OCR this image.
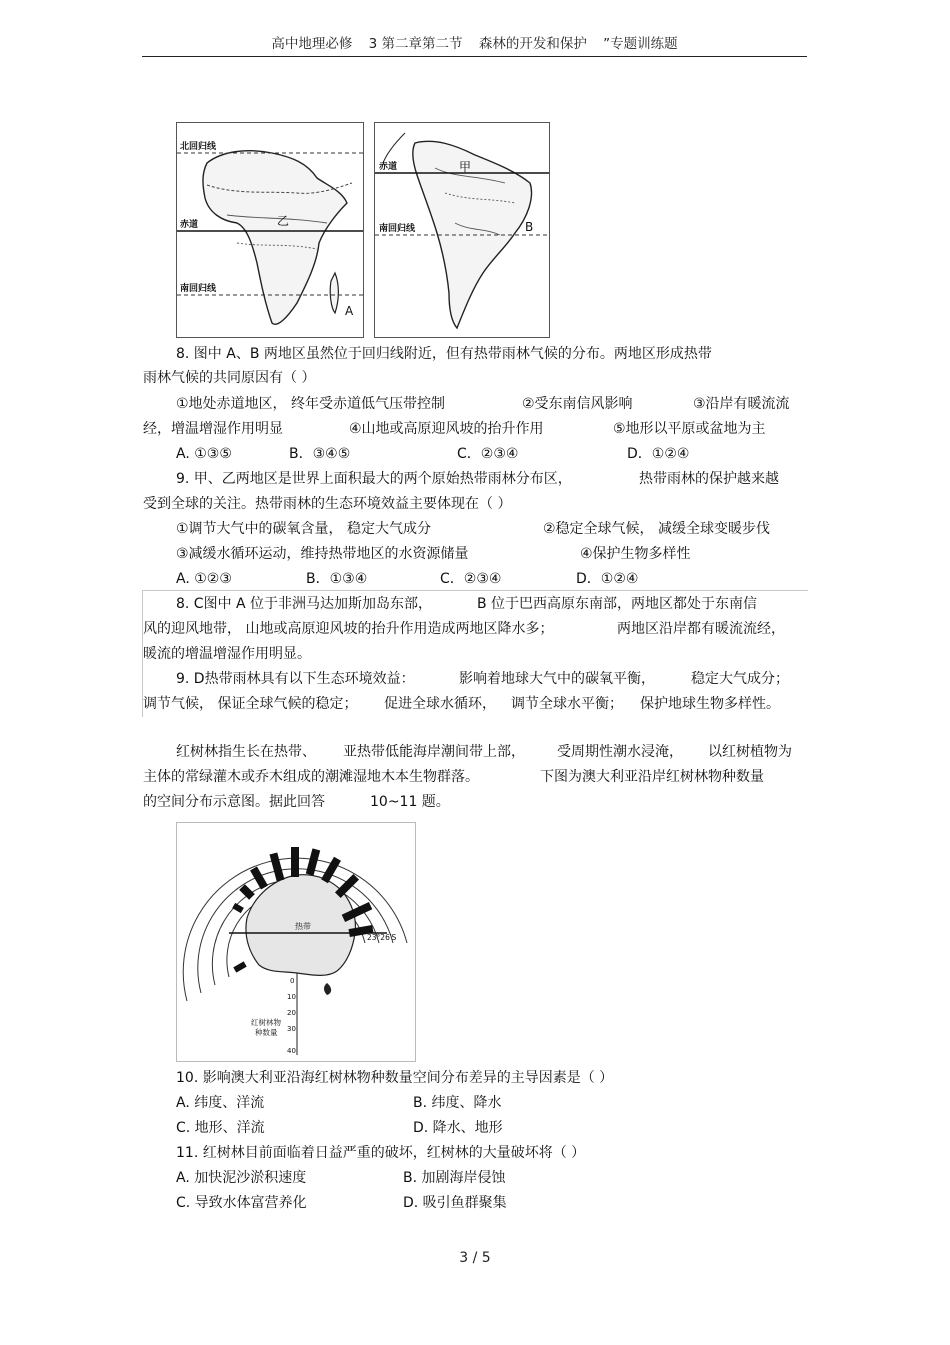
高中地理必修 3 第二章第二节 森林的开发和保护 ”专题训练题
北回归线
赤道
南回归线
乙
A
赤道
南回归线
甲
B
8. 图中 A、B 两地区虽然位于回归线附近，但有热带雨林气候的分布。两地区形成热带
雨林气候的共同原因有（ ）
①地处赤道地区， 终年受赤道低气压带控制	②受东南信风影响	③沿岸有暖流流
经，增温增湿作用明显	④山地或高原迎风坡的抬升作用	⑤地形以平原或盆地为主
A. ①③⑤	B．③④⑤	C．②③④	D．①②④
9. 甲、乙两地区是世界上面积最大的两个原始热带雨林分布区，	热带雨林的保护越来越
受到全球的关注。热带雨林的生态环境效益主要体现在（ ）
①调节大气中的碳氧含量， 稳定大气成分	②稳定全球气候， 减缓全球变暖步伐
③减缓水循环运动，维持热带地区的水资源储量	④保护生物多样性
A. ①②③	B．①③④	C．②③④	D．①②④
8. C图中 A 位于非洲马达加斯加岛东部，	B 位于巴西高原东南部，两地区都处于东南信
风的迎风地带， 山地或高原迎风坡的抬升作用造成两地区降水多；	两地区沿岸都有暖流流经，
暖流的增温增湿作用明显。
9. D热带雨林具有以下生态环境效益：	影响着地球大气中的碳氧平衡，	稳定大气成分；
调节气候， 保证全球气候的稳定； 促进全球水循环， 调节全球水平衡； 保护地球生物多样性。
红树林指生长在热带、 亚热带低能海岸潮间带上部， 受周期性潮水浸淹， 以红树植物为
主体的常绿灌木或乔木组成的潮滩湿地木本生物群落。	下图为澳大利亚沿岸红树林物种数量
的空间分布示意图。据此回答	10~11 题。
热带
23°26′S
0
10
20
30
40
红树林物
种数量
10. 影响澳大利亚沿海红树林物种数量空间分布差异的主导因素是（ ）
A. 纬度、洋流	B. 纬度、降水
C. 地形、洋流	D. 降水、地形
11. 红树林目前面临着日益严重的破坏，红树林的大量破坏将（ ）
A. 加快泥沙淤积速度	B. 加剧海岸侵蚀
C. 导致水体富营养化	D. 吸引鱼群聚集
3 / 5
